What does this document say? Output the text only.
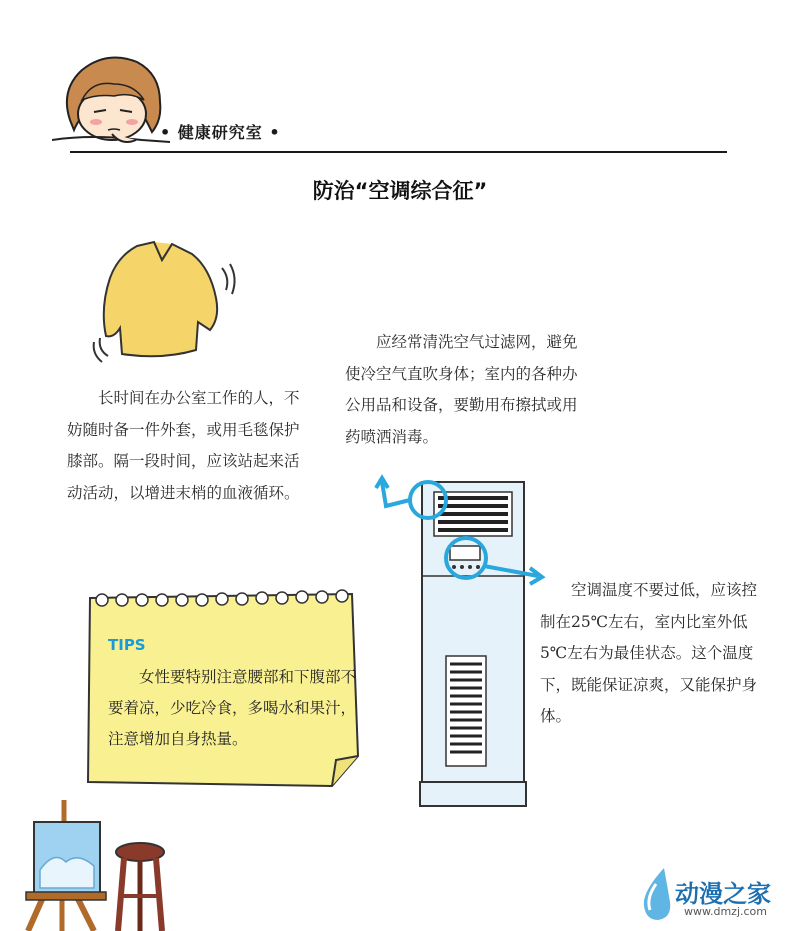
• 健康研究室 •
防治“空调综合征”
长时间在办公室工作的人，不妨随时备一件外套，或用毛毯保护膝部。隔一段时间，应该站起来活动活动，以增进末梢的血液循环。
应经常清洗空气过滤网，避免使冷空气直吹身体；室内的各种办公用品和设备，要勤用布擦拭或用药喷洒消毒。
空调温度不要过低，应该控制在25℃左右，室内比室外低5℃左右为最佳状态。这个温度下，既能保证凉爽，又能保护身体。
TIPS
女性要特别注意腰部和下腹部不要着凉，少吃冷食，多喝水和果汁，注意增加自身热量。
动漫之家
www.dmzj.com
